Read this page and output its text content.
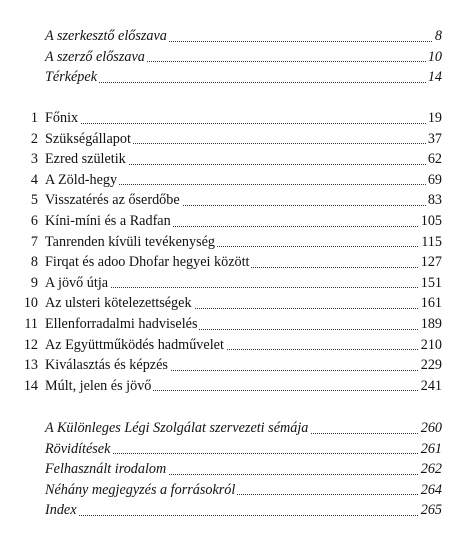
A szerkesztő előszava	8
A szerző előszava	10
Térképek	14
1 Főnix	19
2 Szükségállapot	37
3 Ezred születik	62
4 A Zöld-hegy	69
5 Visszatérés az őserdőbe	83
6 Kíni-míni és a Radfan	105
7 Tanrenden kívüli tevékenység	115
8 Firqat és adoo Dhofar hegyei között	127
9 A jövő útja	151
10 Az ulsteri kötelezettségek	161
11 Ellenforradalmi hadviselés	189
12 Az Együttműködés hadművelet	210
13 Kiválasztás és képzés	229
14 Múlt, jelen és jövő	241
A Különleges Légi Szolgálat szervezeti sémája	260
Rövidítések	261
Felhasznált irodalom	262
Néhány megjegyzés a forrásokról	264
Index	265
